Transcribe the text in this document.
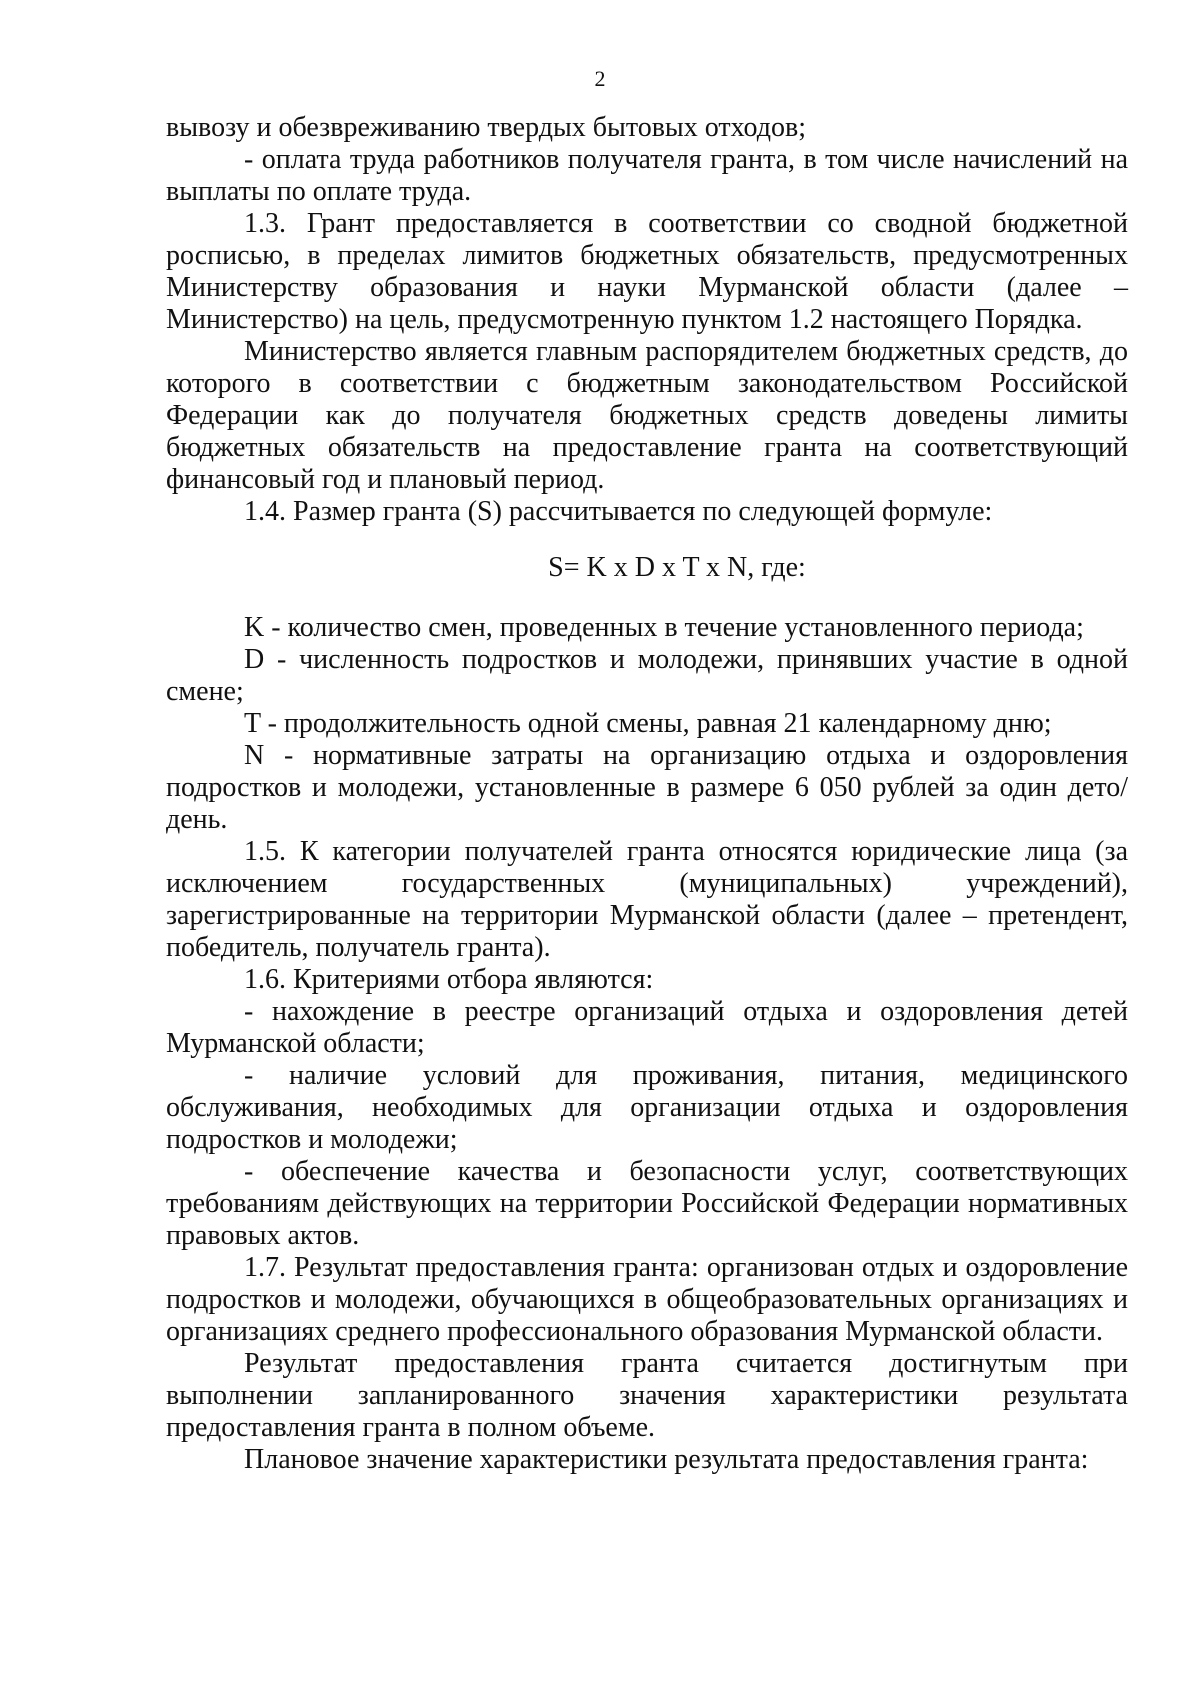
2

вывозу и обезвреживанию твердых бытовых отходов;

- оплата труда работников получателя гранта, в том числе начислений на выплаты по оплате труда.

1.3. Грант предоставляется в соответствии со сводной бюджетной росписью, в пределах лимитов бюджетных обязательств, предусмотренных Министерству образования и науки Мурманской области (далее – Министерство) на цель, предусмотренную пунктом 1.2 настоящего Порядка.

Министерство является главным распорядителем бюджетных средств, до которого в соответствии с бюджетным законодательством Российской Федерации как до получателя бюджетных средств доведены лимиты бюджетных обязательств на предоставление гранта на соответствующий финансовый год и плановый период.

1.4. Размер гранта (S) рассчитывается по следующей формуле:

S= K x D x T x N, где:

K - количество смен, проведенных в течение установленного периода;

D - численность подростков и молодежи, принявших участие в одной смене;

T - продолжительность одной смены, равная 21 календарному дню;

N - нормативные затраты на организацию отдыха и оздоровления подростков и молодежи, установленные в размере 6 050 рублей за один дето/день.

1.5. К категории получателей гранта относятся юридические лица (за исключением государственных (муниципальных) учреждений), зарегистрированные на территории Мурманской области (далее – претендент, победитель, получатель гранта).

1.6. Критериями отбора являются:

- нахождение в реестре организаций отдыха и оздоровления детей Мурманской области;

- наличие условий для проживания, питания, медицинского обслуживания, необходимых для организации отдыха и оздоровления подростков и молодежи;

- обеспечение качества и безопасности услуг, соответствующих требованиям действующих на территории Российской Федерации нормативных правовых актов.

1.7. Результат предоставления гранта: организован отдых и оздоровление подростков и молодежи, обучающихся в общеобразовательных организациях и организациях среднего профессионального образования Мурманской области.

Результат предоставления гранта считается достигнутым при выполнении запланированного значения характеристики результата предоставления гранта в полном объеме.

Плановое значение характеристики результата предоставления гранта:
